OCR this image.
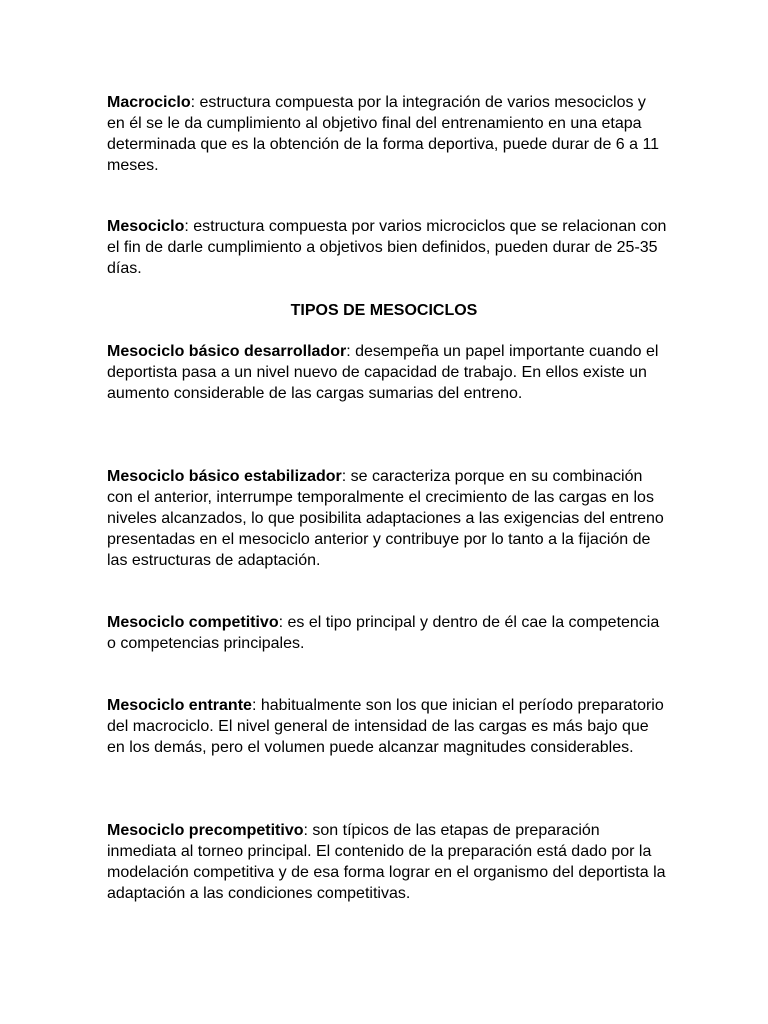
Macrociclo: estructura compuesta por la integración de varios mesociclos y en él se le da cumplimiento al objetivo final del entrenamiento en una etapa determinada que es la obtención de la forma deportiva, puede durar de 6 a 11 meses.

Mesociclo: estructura compuesta por varios microciclos que se relacionan con el fin de darle cumplimiento a objetivos bien definidos, pueden durar de 25-35 días.

TIPOS DE MESOCICLOS

Mesociclo básico desarrollador: desempeña un papel importante cuando el deportista pasa a un nivel nuevo de capacidad de trabajo. En ellos existe un aumento considerable de las cargas sumarias del entreno.

Mesociclo básico estabilizador: se caracteriza porque en su combinación con el anterior, interrumpe temporalmente el crecimiento de las cargas en los niveles alcanzados, lo que posibilita adaptaciones a las exigencias del entreno presentadas en el mesociclo anterior y contribuye por lo tanto a la fijación de las estructuras de adaptación.

Mesociclo competitivo: es el tipo principal y dentro de él cae la competencia o competencias principales.

Mesociclo entrante: habitualmente son los que inician el período preparatorio del macrociclo. El nivel general de intensidad de las cargas es más bajo que en los demás, pero el volumen puede alcanzar magnitudes considerables.

Mesociclo precompetitivo: son típicos de las etapas de preparación inmediata al torneo principal. El contenido de la preparación está dado por la modelación competitiva y de esa forma lograr en el organismo del deportista la adaptación a las condiciones competitivas.
